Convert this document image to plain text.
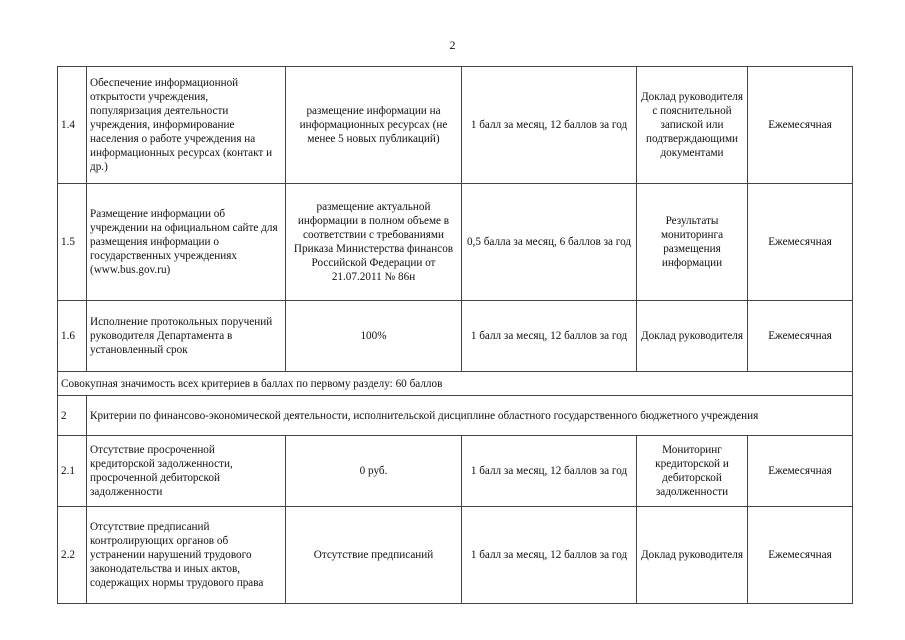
2
1.4	Обеспечение информационной открытости учреждения, популяризация деятельности учреждения, информирование населения о работе учреждения на информационных ресурсах (контакт и др.)	размещение информации на информационных ресурсах (не менее 5 новых публикаций)	1 балл за месяц, 12 баллов за год	Доклад руководителя с пояснительной запиской или подтверждающими документами	Ежемесячная
1.5	Размещение информации об учреждении на официальном сайте для размещения информации о государственных учреждениях (www.bus.gov.ru)	размещение актуальной информации в полном объеме в соответствии с требованиями Приказа Министерства финансов Российской Федерации от 21.07.2011 № 86н	0,5 балла за месяц, 6 баллов за год	Результаты мониторинга размещения информации	Ежемесячная
1.6	Исполнение протокольных поручений руководителя Департамента в установленный срок	100%	1 балл за месяц, 12 баллов за год	Доклад руководителя	Ежемесячная
Совокупная значимость всех критериев в баллах по первому разделу: 60 баллов					
2	Критерии по финансово-экономической деятельности, исполнительской дисциплине областного государственного бюджетного учреждения				
2.1	Отсутствие просроченной кредиторской задолженности, просроченной дебиторской задолженности	0 руб.	1 балл за месяц, 12 баллов за год	Мониторинг кредиторской и дебиторской задолженности	Ежемесячная
2.2	Отсутствие предписаний контролирующих органов об устранении нарушений трудового законодательства и иных актов, содержащих нормы трудового права	Отсутствие предписаний	1 балл за месяц, 12 баллов за год	Доклад руководителя	Ежемесячная
